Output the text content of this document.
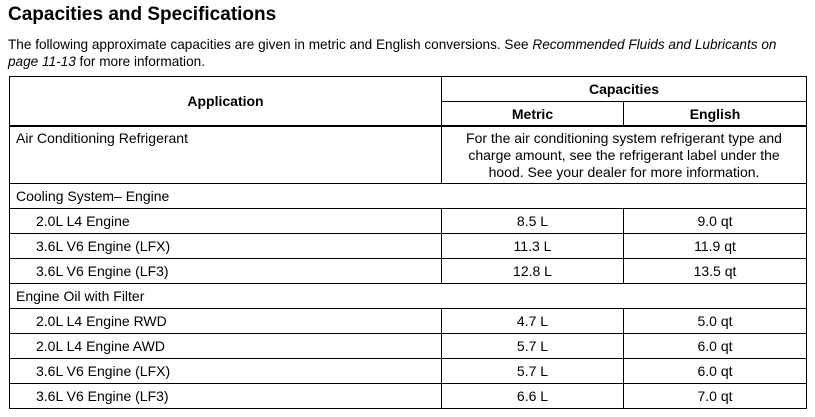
Capacities and Specifications

The following approximate capacities are given in metric and English conversions. See Recommended Fluids and Lubricants on page 11-13 for more information.

Application	Capacities	
	Metric	English
Air Conditioning Refrigerant	For the air conditioning system refrigerant type and charge amount, see the refrigerant label under the hood. See your dealer for more information.	
Cooling System– Engine		
2.0L L4 Engine	8.5 L	9.0 qt
3.6L V6 Engine (LFX)	11.3 L	11.9 qt
3.6L V6 Engine (LF3)	12.8 L	13.5 qt
Engine Oil with Filter		
2.0L L4 Engine RWD	4.7 L	5.0 qt
2.0L L4 Engine AWD	5.7 L	6.0 qt
3.6L V6 Engine (LFX)	5.7 L	6.0 qt
3.6L V6 Engine (LF3)	6.6 L	7.0 qt
